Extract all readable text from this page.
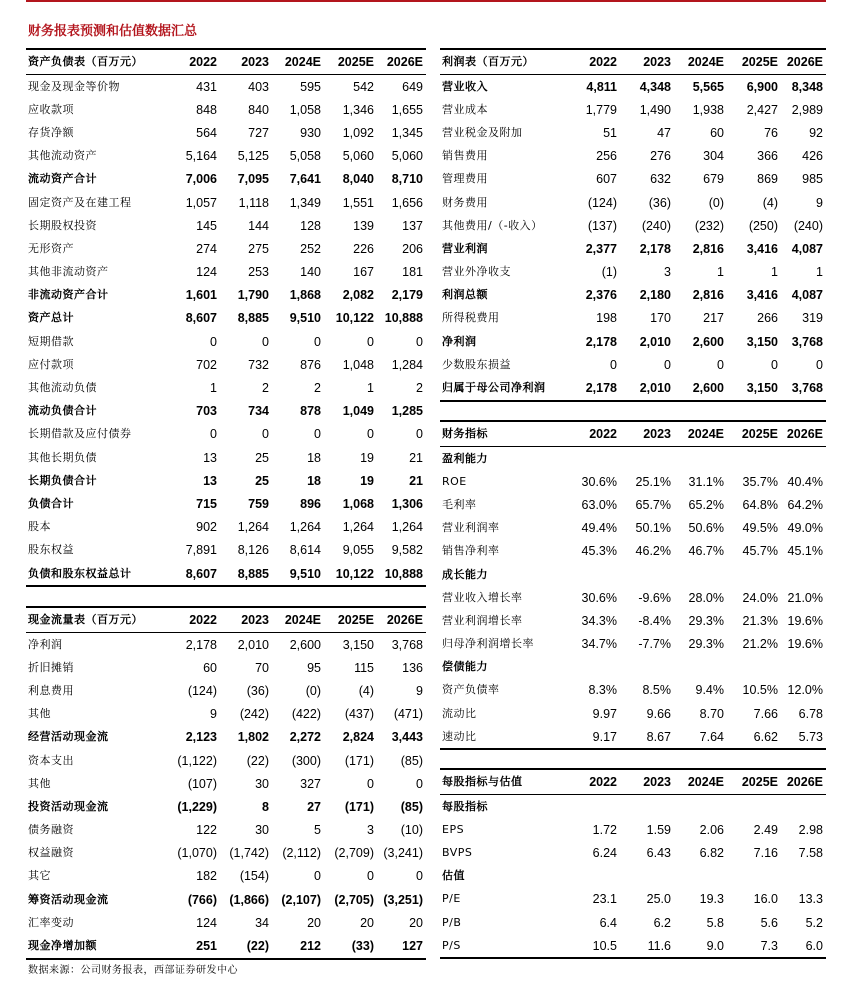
财务报表预测和估值数据汇总
资产负债表（百万元）	2022	2023	2024E	2025E	2026E
现金及现金等价物	431	403	595	542	649
应收款项	848	840	1,058	1,346	1,655
存货净额	564	727	930	1,092	1,345
其他流动资产	5,164	5,125	5,058	5,060	5,060
流动资产合计	7,006	7,095	7,641	8,040	8,710
固定资产及在建工程	1,057	1,118	1,349	1,551	1,656
长期股权投资	145	144	128	139	137
无形资产	274	275	252	226	206
其他非流动资产	124	253	140	167	181
非流动资产合计	1,601	1,790	1,868	2,082	2,179
资产总计	8,607	8,885	9,510	10,122	10,888
短期借款	0	0	0	0	0
应付款项	702	732	876	1,048	1,284
其他流动负债	1	2	2	1	2
流动负债合计	703	734	878	1,049	1,285
长期借款及应付债券	0	0	0	0	0
其他长期负债	13	25	18	19	21
长期负债合计	13	25	18	19	21
负债合计	715	759	896	1,068	1,306
股本	902	1,264	1,264	1,264	1,264
股东权益	7,891	8,126	8,614	9,055	9,582
负债和股东权益总计	8,607	8,885	9,510	10,122	10,888
现金流量表（百万元）	2022	2023	2024E	2025E	2026E
净利润	2,178	2,010	2,600	3,150	3,768
折旧摊销	60	70	95	115	136
利息费用	(124)	(36)	(0)	(4)	9
其他	9	(242)	(422)	(437)	(471)
经营活动现金流	2,123	1,802	2,272	2,824	3,443
资本支出	(1,122)	(22)	(300)	(171)	(85)
其他	(107)	30	327	0	0
投资活动现金流	(1,229)	8	27	(171)	(85)
债务融资	122	30	5	3	(10)
权益融资	(1,070)	(1,742)	(2,112)	(2,709)	(3,241)
其它	182	(154)	0	0	0
筹资活动现金流	(766)	(1,866)	(2,107)	(2,705)	(3,251)
汇率变动	124	34	20	20	20
现金净增加额	251	(22)	212	(33)	127
利润表（百万元）	2022	2023	2024E	2025E	2026E
营业收入	4,811	4,348	5,565	6,900	8,348
营业成本	1,779	1,490	1,938	2,427	2,989
营业税金及附加	51	47	60	76	92
销售费用	256	276	304	366	426
管理费用	607	632	679	869	985
财务费用	(124)	(36)	(0)	(4)	9
其他费用/（-收入）	(137)	(240)	(232)	(250)	(240)
营业利润	2,377	2,178	2,816	3,416	4,087
营业外净收支	(1)	3	1	1	1
利润总额	2,376	2,180	2,816	3,416	4,087
所得税费用	198	170	217	266	319
净利润	2,178	2,010	2,600	3,150	3,768
少数股东损益	0	0	0	0	0
归属于母公司净利润	2,178	2,010	2,600	3,150	3,768
财务指标	2022	2023	2024E	2025E	2026E
盈利能力					
ROE	30.6%	25.1%	31.1%	35.7%	40.4%
毛利率	63.0%	65.7%	65.2%	64.8%	64.2%
营业利润率	49.4%	50.1%	50.6%	49.5%	49.0%
销售净利率	45.3%	46.2%	46.7%	45.7%	45.1%
成长能力					
营业收入增长率	30.6%	-9.6%	28.0%	24.0%	21.0%
营业利润增长率	34.3%	-8.4%	29.3%	21.3%	19.6%
归母净利润增长率	34.7%	-7.7%	29.3%	21.2%	19.6%
偿债能力					
资产负债率	8.3%	8.5%	9.4%	10.5%	12.0%
流动比	9.97	9.66	8.70	7.66	6.78
速动比	9.17	8.67	7.64	6.62	5.73
每股指标与估值	2022	2023	2024E	2025E	2026E
每股指标					
EPS	1.72	1.59	2.06	2.49	2.98
BVPS	6.24	6.43	6.82	7.16	7.58
估值					
P/E	23.1	25.0	19.3	16.0	13.3
P/B	6.4	6.2	5.8	5.6	5.2
P/S	10.5	11.6	9.0	7.3	6.0
数据来源：公司财务报表，西部证券研发中心
